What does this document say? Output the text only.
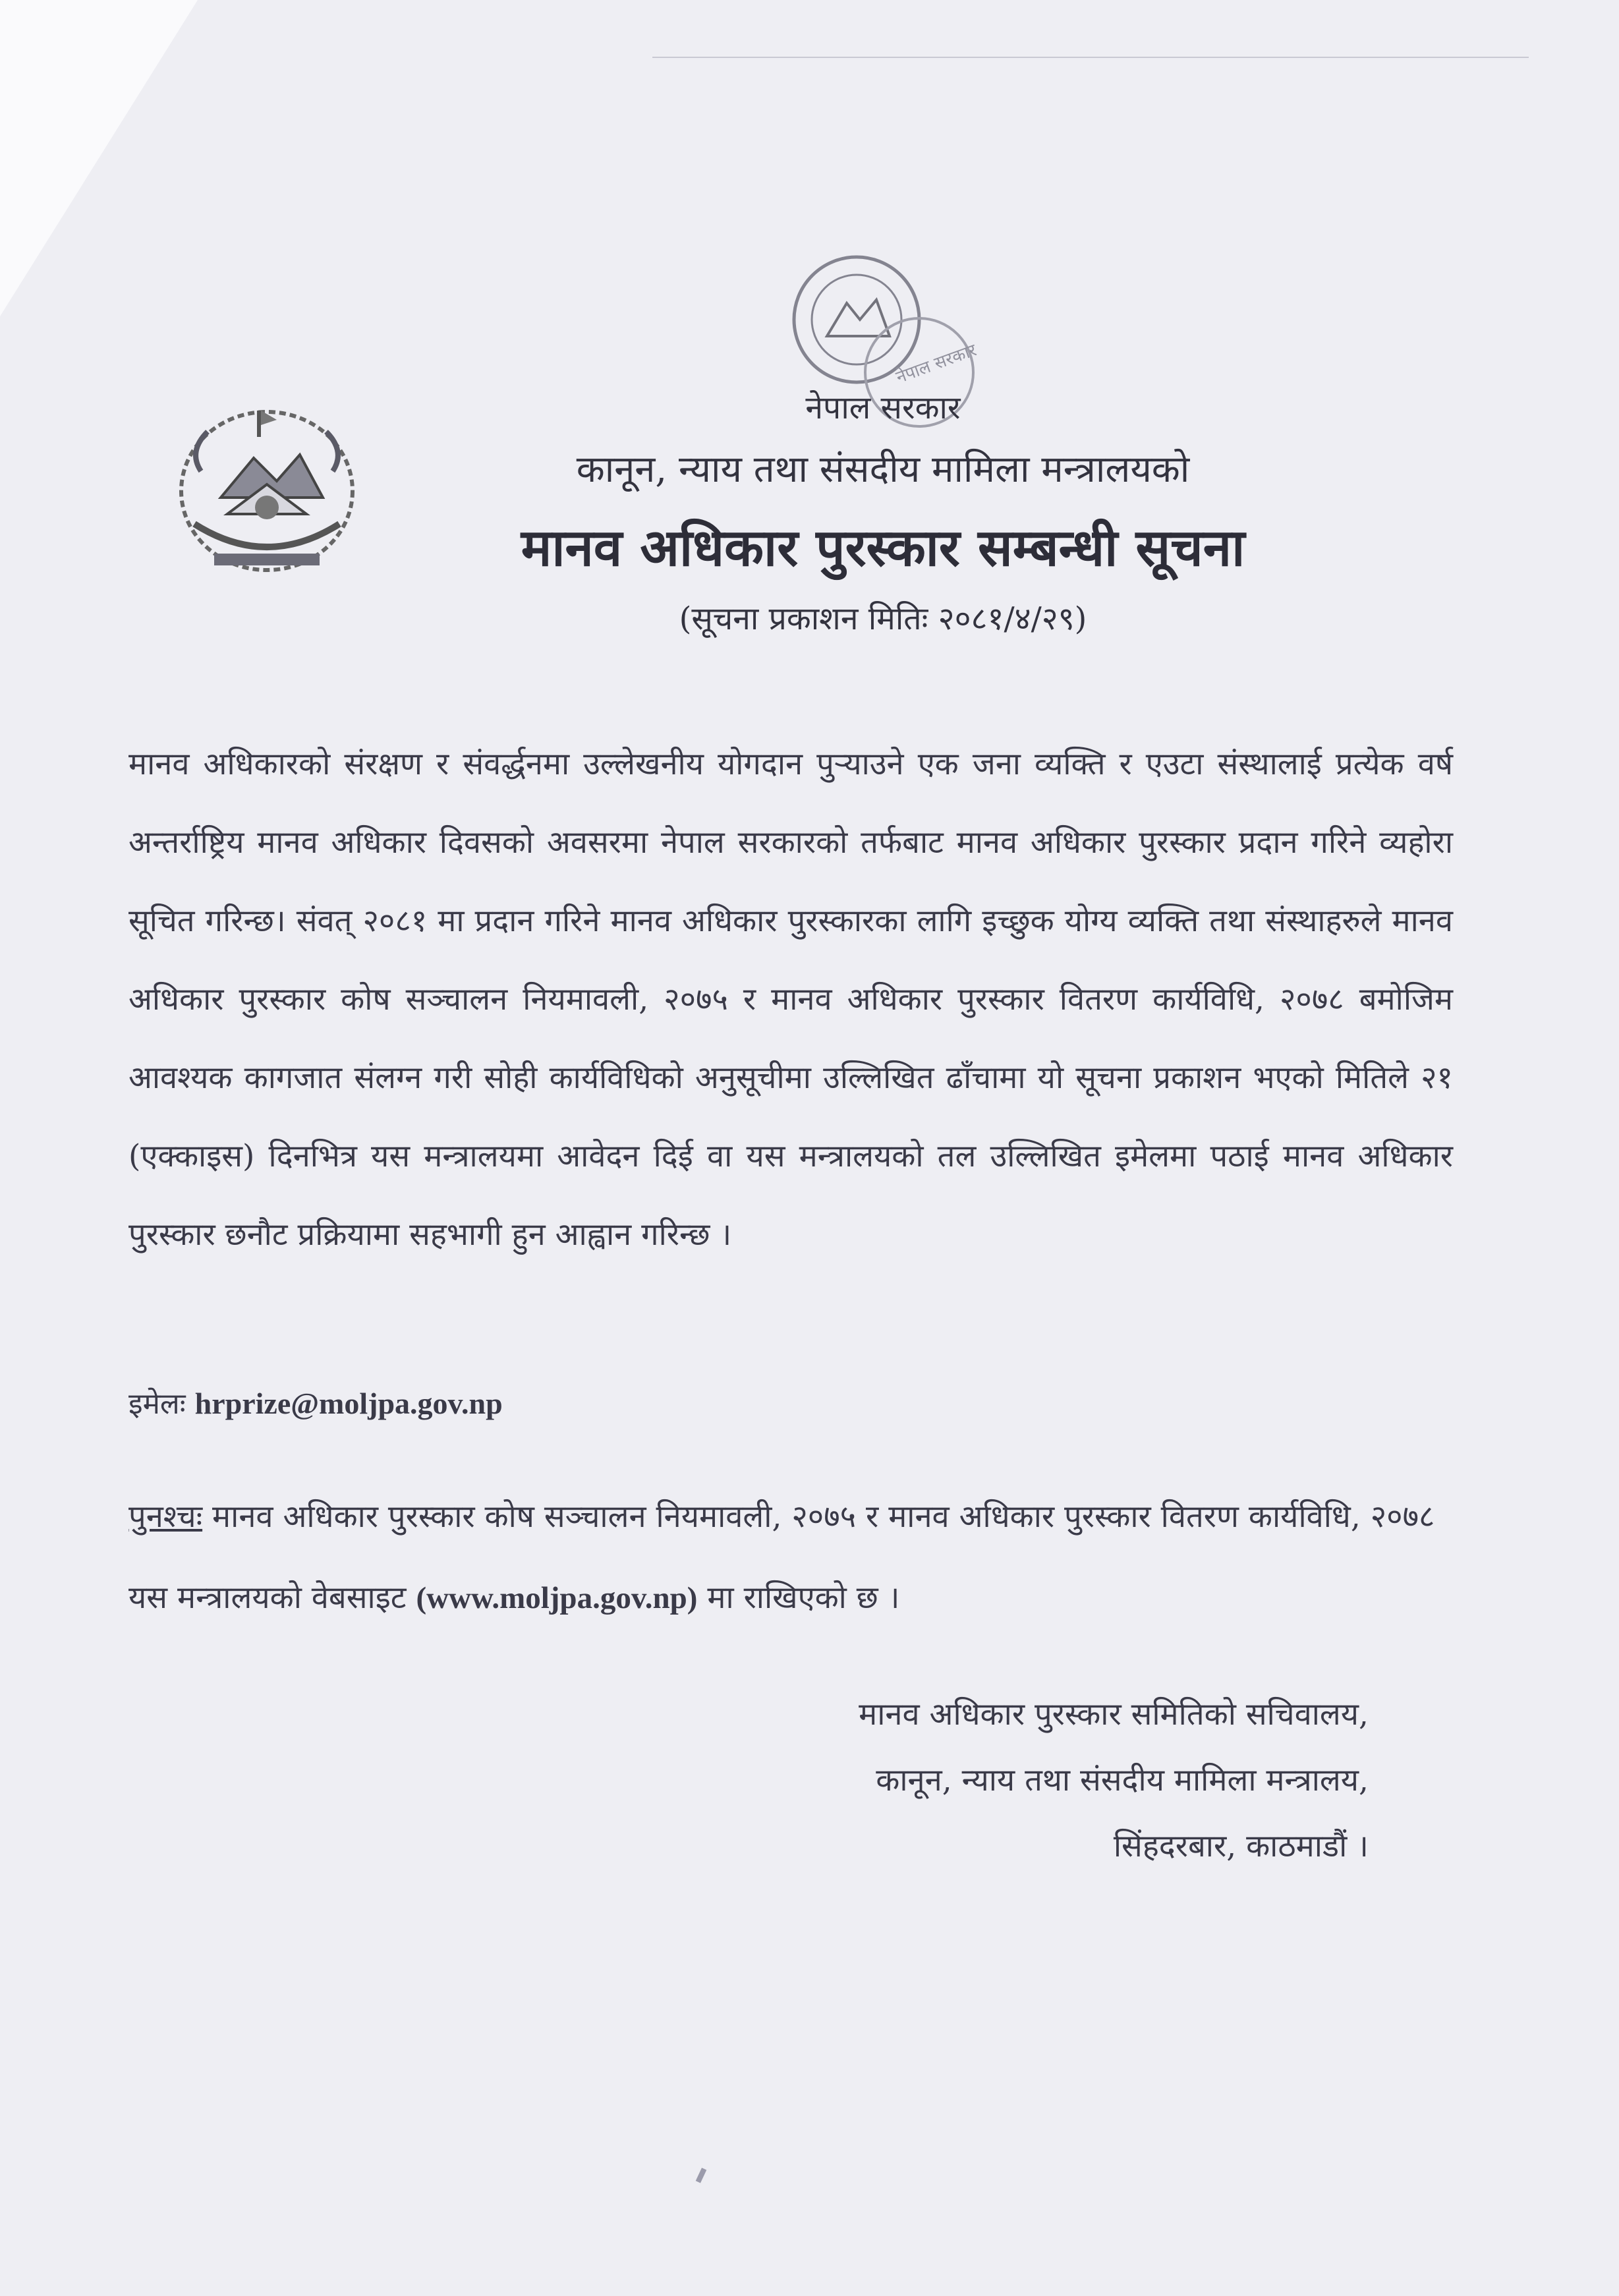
नेपाल सरकार

नेपाल सरकार

कानून, न्याय तथा संसदीय मामिला मन्त्रालयको

मानव अधिकार पुरस्कार सम्बन्धी सूचना

(सूचना प्रकाशन मितिः २०८१/४/२९)

मानव अधिकारको संरक्षण र संवर्द्धनमा उल्लेखनीय योगदान पुऱ्याउने एक जना व्यक्ति र एउटा संस्थालाई प्रत्येक वर्ष अन्तर्राष्ट्रिय मानव अधिकार दिवसको अवसरमा नेपाल सरकारको तर्फबाट मानव अधिकार पुरस्कार प्रदान गरिने व्यहोरा सूचित गरिन्छ। संवत् २०८१ मा प्रदान गरिने मानव अधिकार पुरस्कारका लागि इच्छुक योग्य व्यक्ति तथा संस्थाहरुले मानव अधिकार पुरस्कार कोष सञ्चालन नियमावली, २०७५ र मानव अधिकार पुरस्कार वितरण कार्यविधि, २०७८ बमोजिम आवश्यक कागजात संलग्न गरी सोही कार्यविधिको अनुसूचीमा उल्लिखित ढाँचामा यो सूचना प्रकाशन भएको मितिले २१ (एक्काइस) दिनभित्र यस मन्त्रालयमा आवेदन दिई वा यस मन्त्रालयको तल उल्लिखित इमेलमा पठाई मानव अधिकार पुरस्कार छनौट प्रक्रियामा सहभागी हुन आह्वान गरिन्छ ।

इमेलः hrprize@moljpa.gov.np

पुनश्चः मानव अधिकार पुरस्कार कोष सञ्चालन नियमावली, २०७५ र मानव अधिकार पुरस्कार वितरण कार्यविधि, २०७८ यस मन्त्रालयको वेबसाइट (www.moljpa.gov.np) मा राखिएको छ ।

मानव अधिकार पुरस्कार समितिको सचिवालय,
कानून, न्याय तथा संसदीय मामिला मन्त्रालय,
सिंहदरबार, काठमाडौं ।
